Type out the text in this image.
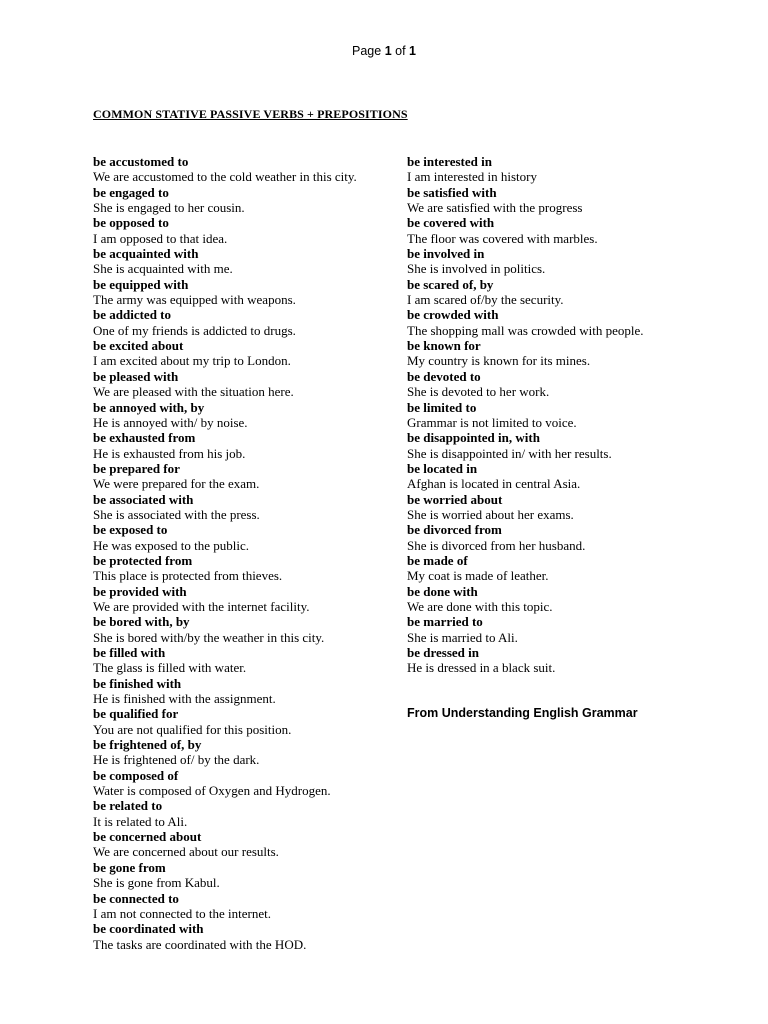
Page 1 of 1
COMMON STATIVE PASSIVE VERBS + PREPOSITIONS
be accustomed to
We are accustomed to the cold weather in this city.
be engaged to
She is engaged to her cousin.
be opposed to
I am opposed to that idea.
be acquainted with
She is acquainted with me.
be equipped with
The army was equipped with weapons.
be addicted to
One of my friends is addicted to drugs.
be excited about
I am excited about my trip to London.
be pleased with
We are pleased with the situation here.
be annoyed with, by
He is annoyed with/ by noise.
be exhausted from
He is exhausted from his job.
be prepared for
We were prepared for the exam.
be associated with
She is associated with the press.
be exposed to
He was exposed to the public.
be protected from
This place is protected from thieves.
be provided with
We are provided with the internet facility.
be bored with, by
She is bored with/by the weather in this city.
be filled with
The glass is filled with water.
be finished with
He is finished with the assignment.
be qualified for
You are not qualified for this position.
be frightened of, by
He is frightened of/ by the dark.
be composed of
Water is composed of Oxygen and Hydrogen.
be related to
It is related to Ali.
be concerned about
We are concerned about our results.
be gone from
She is gone from Kabul.
be connected to
I am not connected to the internet.
be coordinated with
The tasks are coordinated with the HOD.
be interested in
I am interested in history
be satisfied with
We are satisfied with the progress
be covered with
The floor was covered with marbles.
be involved in
She is involved in politics.
be scared of, by
I am scared of/by the security.
be crowded with
The shopping mall was crowded with people.
be known for
My country is known for its mines.
be devoted to
She is devoted to her work.
be limited to
Grammar is not limited to voice.
be disappointed in, with
She is disappointed in/ with her results.
be located in
Afghan is located in central Asia.
be worried about
She is worried about her exams.
be divorced from
She is divorced from her husband.
be made of
My coat is made of leather.
be done with
We are done with this topic.
be married to
She is married to Ali.
be dressed in
He is dressed in a black suit.
From Understanding English Grammar
